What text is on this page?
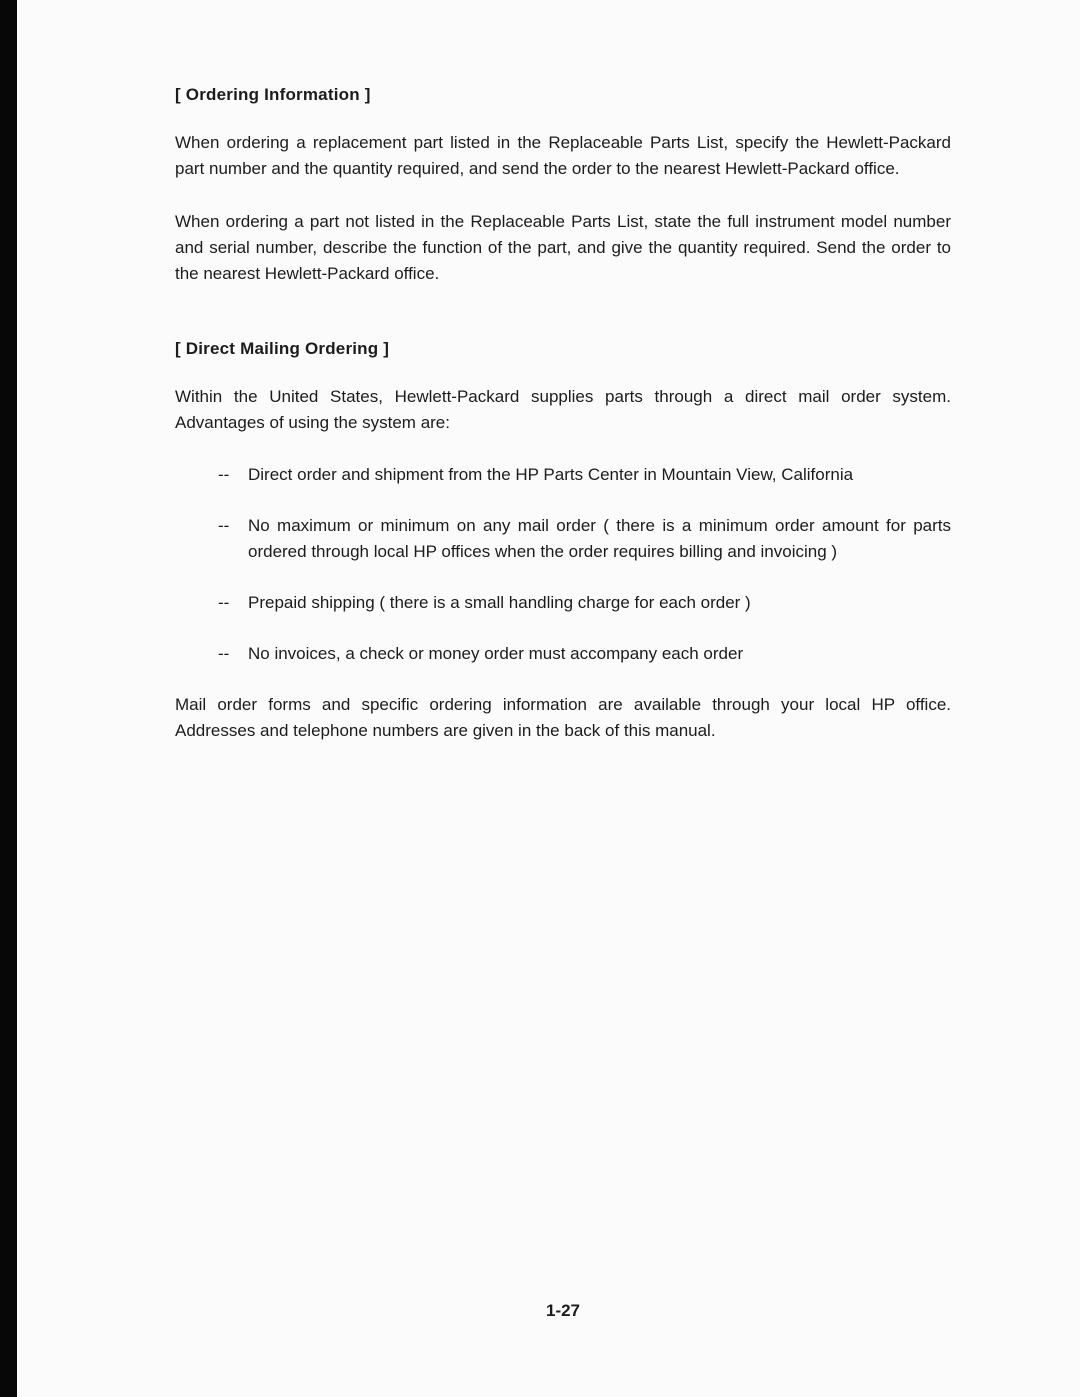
[ Ordering Information ]

When ordering a replacement part listed in the Replaceable Parts List, specify the Hewlett-Packard part number and the quantity required, and send the order to the nearest Hewlett-Packard office.

When ordering a part not listed in the Replaceable Parts List, state the full instrument model number and serial number, describe the function of the part, and give the quantity required. Send the order to the nearest Hewlett-Packard office.

[ Direct Mailing Ordering ]

Within the United States, Hewlett-Packard supplies parts through a direct mail order system. Advantages of using the system are:

--	Direct order and shipment from the HP Parts Center in Mountain View, California

--	No maximum or minimum on any mail order ( there is a minimum order amount for parts ordered through local HP offices when the order requires billing and invoicing )

--	Prepaid shipping ( there is a small handling charge for each order )

--	No invoices, a check or money order must accompany each order

Mail order forms and specific ordering information are available through your local HP office. Addresses and telephone numbers are given in the back of this manual.

1-27
